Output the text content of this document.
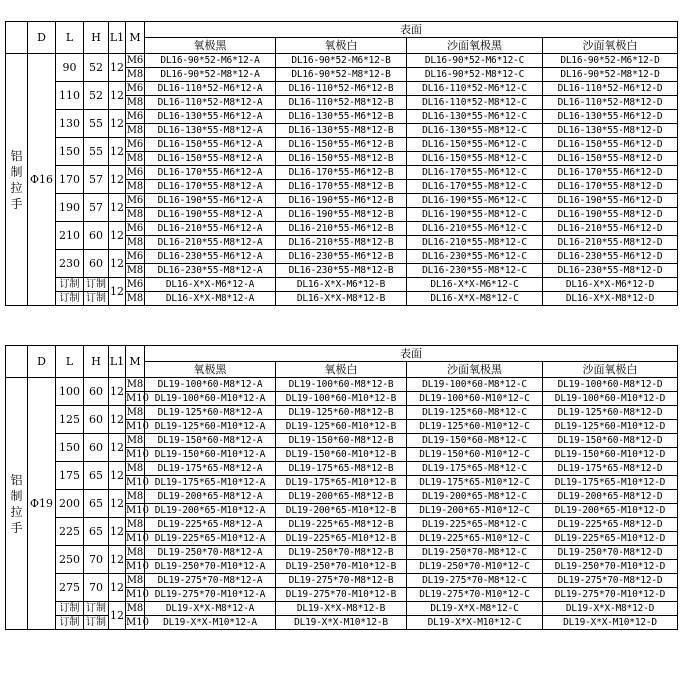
	D	L	H	L1	M	表面			
						氧极黑	氧极白	沙面氧极黑	沙面氧极白
铝制拉手	Φ16	90	52	12	M6	DL16-90*52-M6*12-A	DL16-90*52-M6*12-B	DL16-90*52-M6*12-C	DL16-90*52-M6*12-D
					M8	DL16-90*52-M8*12-A	DL16-90*52-M8*12-B	DL16-90*52-M8*12-C	DL16-90*52-M8*12-D
		110	52	12	M6	DL16-110*52-M6*12-A	DL16-110*52-M6*12-B	DL16-110*52-M6*12-C	DL16-110*52-M6*12-D
					M8	DL16-110*52-M8*12-A	DL16-110*52-M8*12-B	DL16-110*52-M8*12-C	DL16-110*52-M8*12-D
		130	55	12	M6	DL16-130*55-M6*12-A	DL16-130*55-M6*12-B	DL16-130*55-M6*12-C	DL16-130*55-M6*12-D
					M8	DL16-130*55-M8*12-A	DL16-130*55-M8*12-B	DL16-130*55-M8*12-C	DL16-130*55-M8*12-D
		150	55	12	M6	DL16-150*55-M6*12-A	DL16-150*55-M6*12-B	DL16-150*55-M6*12-C	DL16-150*55-M6*12-D
					M8	DL16-150*55-M8*12-A	DL16-150*55-M8*12-B	DL16-150*55-M8*12-C	DL16-150*55-M8*12-D
		170	57	12	M6	DL16-170*55-M6*12-A	DL16-170*55-M6*12-B	DL16-170*55-M6*12-C	DL16-170*55-M6*12-D
					M8	DL16-170*55-M8*12-A	DL16-170*55-M8*12-B	DL16-170*55-M8*12-C	DL16-170*55-M8*12-D
		190	57	12	M6	DL16-190*55-M6*12-A	DL16-190*55-M6*12-B	DL16-190*55-M6*12-C	DL16-190*55-M6*12-D
					M8	DL16-190*55-M8*12-A	DL16-190*55-M8*12-B	DL16-190*55-M8*12-C	DL16-190*55-M8*12-D
		210	60	12	M6	DL16-210*55-M6*12-A	DL16-210*55-M6*12-B	DL16-210*55-M6*12-C	DL16-210*55-M6*12-D
					M8	DL16-210*55-M8*12-A	DL16-210*55-M8*12-B	DL16-210*55-M8*12-C	DL16-210*55-M8*12-D
		230	60	12	M6	DL16-230*55-M6*12-A	DL16-230*55-M6*12-B	DL16-230*55-M6*12-C	DL16-230*55-M6*12-D
					M8	DL16-230*55-M8*12-A	DL16-230*55-M8*12-B	DL16-230*55-M8*12-C	DL16-230*55-M8*12-D
		订制	订制	12	M6	DL16-X*X-M6*12-A	DL16-X*X-M6*12-B	DL16-X*X-M6*12-C	DL16-X*X-M6*12-D
		订制	订制		M8	DL16-X*X-M8*12-A	DL16-X*X-M8*12-B	DL16-X*X-M8*12-C	DL16-X*X-M8*12-D
	D	L	H	L1	M	表面			
						氧极黑	氧极白	沙面氧极黑	沙面氧极白
铝制拉手	Φ19	100	60	12	M8	DL19-100*60-M8*12-A	DL19-100*60-M8*12-B	DL19-100*60-M8*12-C	DL19-100*60-M8*12-D
					M10	DL19-100*60-M10*12-A	DL19-100*60-M10*12-B	DL19-100*60-M10*12-C	DL19-100*60-M10*12-D
		125	60	12	M8	DL19-125*60-M8*12-A	DL19-125*60-M8*12-B	DL19-125*60-M8*12-C	DL19-125*60-M8*12-D
					M10	DL19-125*60-M10*12-A	DL19-125*60-M10*12-B	DL19-125*60-M10*12-C	DL19-125*60-M10*12-D
		150	60	12	M8	DL19-150*60-M8*12-A	DL19-150*60-M8*12-B	DL19-150*60-M8*12-C	DL19-150*60-M8*12-D
					M10	DL19-150*60-M10*12-A	DL19-150*60-M10*12-B	DL19-150*60-M10*12-C	DL19-150*60-M10*12-D
		175	65	12	M8	DL19-175*65-M8*12-A	DL19-175*65-M8*12-B	DL19-175*65-M8*12-C	DL19-175*65-M8*12-D
					M10	DL19-175*65-M10*12-A	DL19-175*65-M10*12-B	DL19-175*65-M10*12-C	DL19-175*65-M10*12-D
		200	65	12	M8	DL19-200*65-M8*12-A	DL19-200*65-M8*12-B	DL19-200*65-M8*12-C	DL19-200*65-M8*12-D
					M10	DL19-200*65-M10*12-A	DL19-200*65-M10*12-B	DL19-200*65-M10*12-C	DL19-200*65-M10*12-D
		225	65	12	M8	DL19-225*65-M8*12-A	DL19-225*65-M8*12-B	DL19-225*65-M8*12-C	DL19-225*65-M8*12-D
					M10	DL19-225*65-M10*12-A	DL19-225*65-M10*12-B	DL19-225*65-M10*12-C	DL19-225*65-M10*12-D
		250	70	12	M8	DL19-250*70-M8*12-A	DL19-250*70-M8*12-B	DL19-250*70-M8*12-C	DL19-250*70-M8*12-D
					M10	DL19-250*70-M10*12-A	DL19-250*70-M10*12-B	DL19-250*70-M10*12-C	DL19-250*70-M10*12-D
		275	70	12	M8	DL19-275*70-M8*12-A	DL19-275*70-M8*12-B	DL19-275*70-M8*12-C	DL19-275*70-M8*12-D
					M10	DL19-275*70-M10*12-A	DL19-275*70-M10*12-B	DL19-275*70-M10*12-C	DL19-275*70-M10*12-D
		订制	订制	12	M8	DL19-X*X-M8*12-A	DL19-X*X-M8*12-B	DL19-X*X-M8*12-C	DL19-X*X-M8*12-D
		订制	订制		M10	DL19-X*X-M10*12-A	DL19-X*X-M10*12-B	DL19-X*X-M10*12-C	DL19-X*X-M10*12-D
